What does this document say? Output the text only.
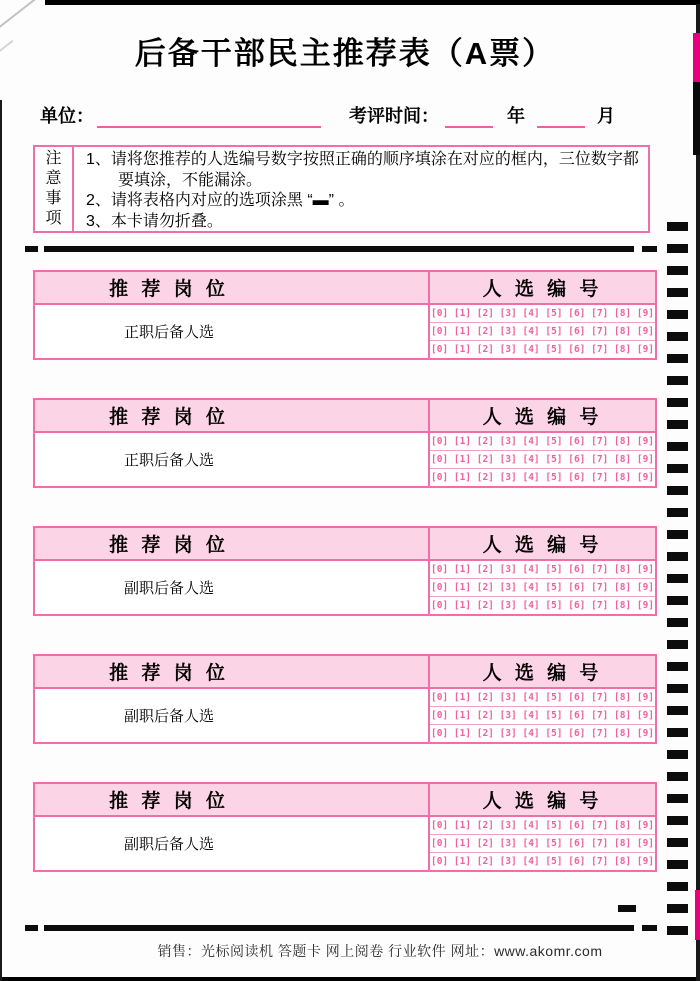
后备干部民主推荐表（A票）
单位：	考评时间：	年	月
注
意
事
项
1、请将您推荐的人选编号数字按照正确的顺序填涂在对应的框内，三位数字都要填涂，不能漏涂。
2、请将表格内对应的选项涂黑 “▬” 。
3、本卡请勿折叠。
推 荐 岗 位	人 选 编 号
正职后备人选
[0] [1] [2] [3] [4] [5] [6] [7] [8] [9]
[0] [1] [2] [3] [4] [5] [6] [7] [8] [9]
[0] [1] [2] [3] [4] [5] [6] [7] [8] [9]
推 荐 岗 位	人 选 编 号
正职后备人选
[0] [1] [2] [3] [4] [5] [6] [7] [8] [9]
[0] [1] [2] [3] [4] [5] [6] [7] [8] [9]
[0] [1] [2] [3] [4] [5] [6] [7] [8] [9]
推 荐 岗 位	人 选 编 号
副职后备人选
[0] [1] [2] [3] [4] [5] [6] [7] [8] [9]
[0] [1] [2] [3] [4] [5] [6] [7] [8] [9]
[0] [1] [2] [3] [4] [5] [6] [7] [8] [9]
推 荐 岗 位	人 选 编 号
副职后备人选
[0] [1] [2] [3] [4] [5] [6] [7] [8] [9]
[0] [1] [2] [3] [4] [5] [6] [7] [8] [9]
[0] [1] [2] [3] [4] [5] [6] [7] [8] [9]
推 荐 岗 位	人 选 编 号
副职后备人选
[0] [1] [2] [3] [4] [5] [6] [7] [8] [9]
[0] [1] [2] [3] [4] [5] [6] [7] [8] [9]
[0] [1] [2] [3] [4] [5] [6] [7] [8] [9]
销售：光标阅读机 答题卡 网上阅卷 行业软件 网址：www.akomr.com
